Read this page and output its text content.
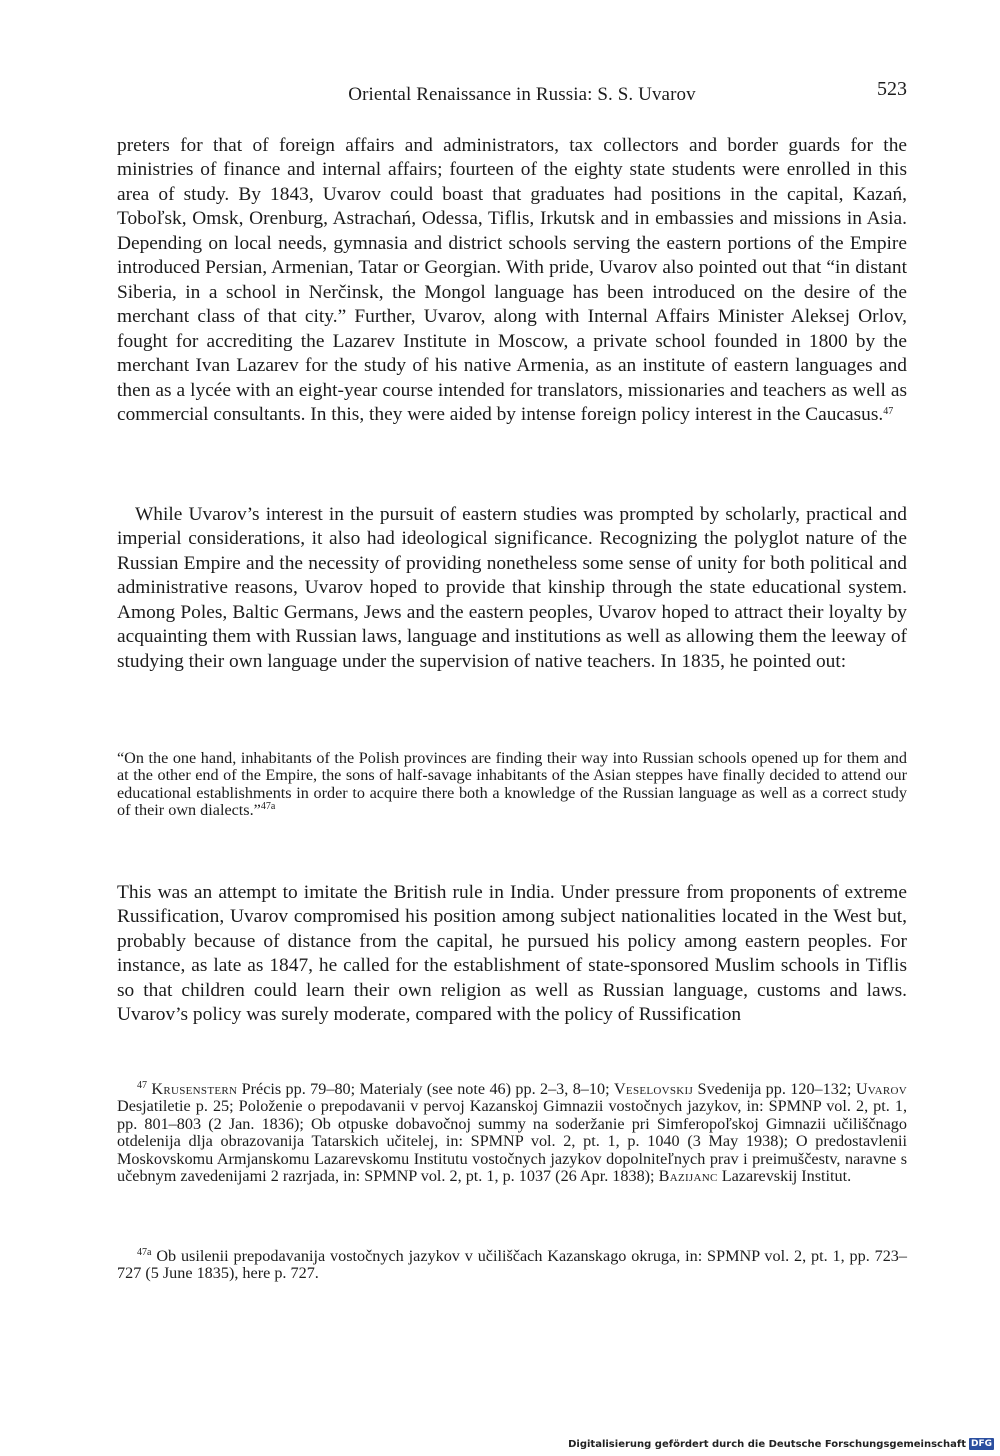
Oriental Renaissance in Russia: S. S. Uvarov	523

preters for that of foreign affairs and administrators, tax collectors and border guards for the ministries of finance and internal affairs; fourteen of the eighty state students were enrolled in this area of study. By 1843, Uvarov could boast that graduates had positions in the capital, Kazań, Toboľsk, Omsk, Orenburg, Astrachań, Odessa, Tiflis, Irkutsk and in embassies and missions in Asia. Depending on local needs, gymnasia and district schools serving the eastern portions of the Empire introduced Persian, Armenian, Tatar or Georgian. With pride, Uvarov also pointed out that “in distant Siberia, in a school in Nerčinsk, the Mongol language has been introduced on the desire of the merchant class of that city.” Further, Uvarov, along with Internal Affairs Minister Aleksej Orlov, fought for accrediting the Lazarev Institute in Moscow, a private school founded in 1800 by the merchant Ivan Lazarev for the study of his native Armenia, as an institute of eastern languages and then as a lycée with an eight-year course intended for translators, missionaries and teachers as well as commercial consultants. In this, they were aided by intense foreign policy interest in the Caucasus.$^{47}$

While Uvarov’s interest in the pursuit of eastern studies was prompted by scholarly, practical and imperial considerations, it also had ideological significance. Recognizing the polyglot nature of the Russian Empire and the necessity of providing nonetheless some sense of unity for both political and administrative reasons, Uvarov hoped to provide that kinship through the state educational system. Among Poles, Baltic Germans, Jews and the eastern peoples, Uvarov hoped to attract their loyalty by acquainting them with Russian laws, language and institutions as well as allowing them the leeway of studying their own language under the supervision of native teachers. In 1835, he pointed out:

“On the one hand, inhabitants of the Polish provinces are finding their way into Russian schools opened up for them and at the other end of the Empire, the sons of half-savage inhabitants of the Asian steppes have finally decided to attend our educational establishments in order to acquire there both a knowledge of the Russian language as well as a correct study of their own dialects.”$^{47a}$

This was an attempt to imitate the British rule in India. Under pressure from proponents of extreme Russification, Uvarov compromised his position among subject nationalities located in the West but, probably because of distance from the capital, he pursued his policy among eastern peoples. For instance, as late as 1847, he called for the establishment of state-sponsored Muslim schools in Tiflis so that children could learn their own religion as well as Russian language, customs and laws. Uvarov’s policy was surely moderate, compared with the policy of Russification

$^{47}$ Krusenstern Précis pp. 79–80; Materialy (see note 46) pp. 2–3, 8–10; Veselovskij Svedenija pp. 120–132; Uvarov Desjatiletie p. 25; Položenie o prepodavanii v pervoj Kazanskoj Gimnazii vostočnych jazykov, in: SPMNP vol. 2, pt. 1, pp. 801–803 (2 Jan. 1836); Ob otpuske dobavočnoj summy na soderžanie pri Simferopoľskoj Gimnazii učiliščnago otdelenija dlja obrazovanija Tatarskich učitelej, in: SPMNP vol. 2, pt. 1, p. 1040 (3 May 1938); O predostavlenii Moskovskomu Armjanskomu Lazarevskomu Institutu vostočnych jazykov dopolniteľnych prav i preimuščestv, naravne s učebnym zavedenijami 2 razrjada, in: SPMNP vol. 2, pt. 1, p. 1037 (26 Apr. 1838); Bazijanc Lazarevskij Institut.

$^{47a}$ Ob usilenii prepodavanija vostočnych jazykov v učiliščach Kazanskago okruga, in: SPMNP vol. 2, pt. 1, pp. 723–727 (5 June 1835), here p. 727.

Digitalisierung gefördert durch die Deutsche Forschungsgemeinschaft DFG
